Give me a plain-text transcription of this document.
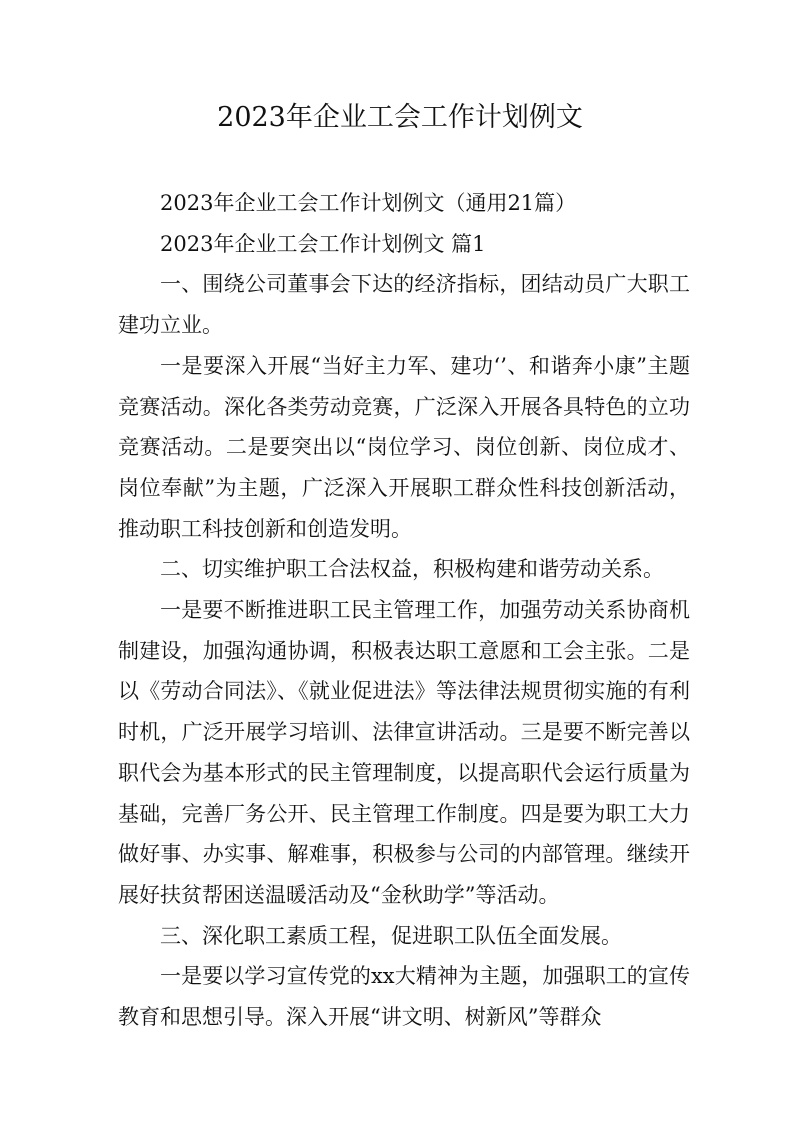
2023年企业工会工作计划例文

2023年企业工会工作计划例文（通用21篇）

2023年企业工会工作计划例文 篇1

一、围绕公司董事会下达的经济指标，团结动员广大职工建功立业。

一是要深入开展“当好主力军、建功‘’、和谐奔小康”主题竞赛活动。深化各类劳动竞赛，广泛深入开展各具特色的立功竞赛活动。二是要突出以“岗位学习、岗位创新、岗位成才、岗位奉献”为主题，广泛深入开展职工群众性科技创新活动，推动职工科技创新和创造发明。

二、切实维护职工合法权益，积极构建和谐劳动关系。

一是要不断推进职工民主管理工作，加强劳动关系协商机制建设，加强沟通协调，积极表达职工意愿和工会主张。二是以《劳动合同法》、《就业促进法》等法律法规贯彻实施的有利时机，广泛开展学习培训、法律宣讲活动。三是要不断完善以职代会为基本形式的民主管理制度，以提高职代会运行质量为基础，完善厂务公开、民主管理工作制度。四是要为职工大力做好事、办实事、解难事，积极参与公司的内部管理。继续开展好扶贫帮困送温暖活动及“金秋助学”等活动。

三、深化职工素质工程，促进职工队伍全面发展。

一是要以学习宣传党的xx大精神为主题，加强职工的宣传教育和思想引导。深入开展“讲文明、树新风”等群众
